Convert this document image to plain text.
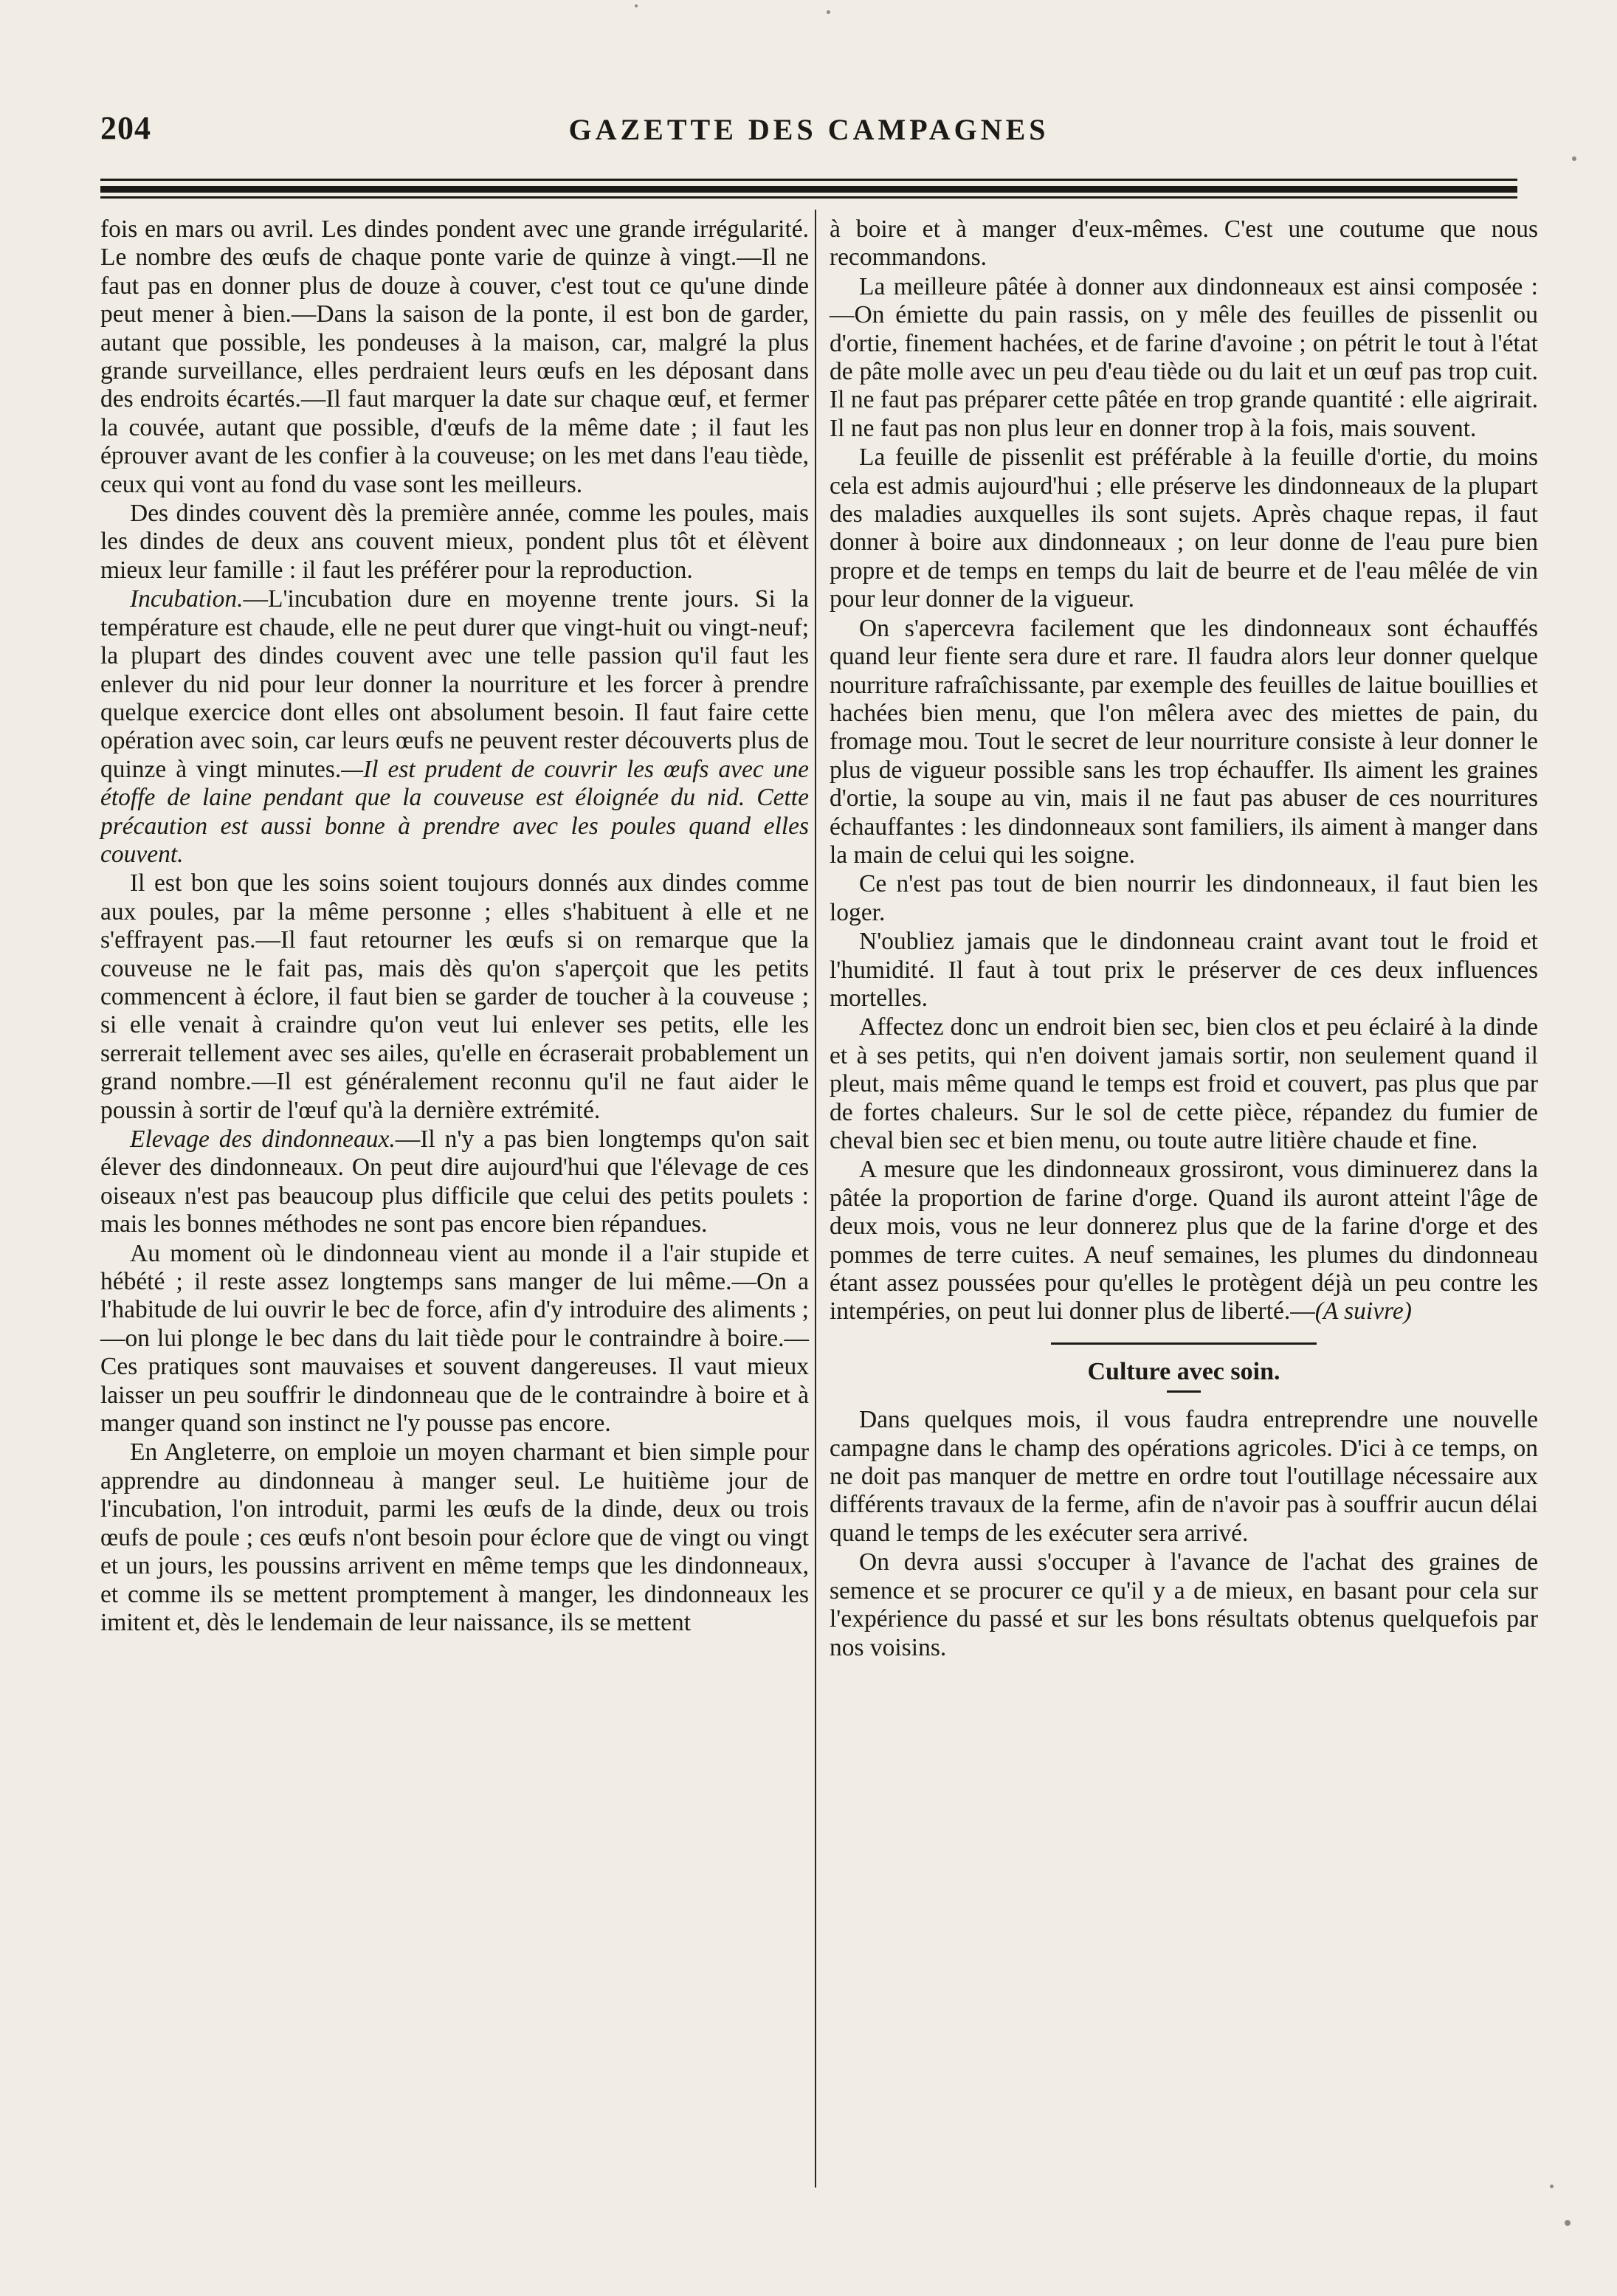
204	GAZETTE DES CAMPAGNES

fois en mars ou avril. Les dindes pondent avec une grande irrégularité. Le nombre des œufs de chaque ponte varie de quinze à vingt.—Il ne faut pas en donner plus de douze à couver, c'est tout ce qu'une dinde peut mener à bien.—Dans la saison de la ponte, il est bon de garder, autant que possible, les pondeuses à la maison, car, malgré la plus grande surveillance, elles perdraient leurs œufs en les déposant dans des endroits écartés.—Il faut marquer la date sur chaque œuf, et fermer la couvée, autant que possible, d'œufs de la même date ; il faut les éprouver avant de les confier à la couveuse; on les met dans l'eau tiède, ceux qui vont au fond du vase sont les meilleurs.

Des dindes couvent dès la première année, comme les poules, mais les dindes de deux ans couvent mieux, pondent plus tôt et élèvent mieux leur famille : il faut les préférer pour la reproduction.

Incubation.—L'incubation dure en moyenne trente jours. Si la température est chaude, elle ne peut durer que vingt-huit ou vingt-neuf; la plupart des dindes couvent avec une telle passion qu'il faut les enlever du nid pour leur donner la nourriture et les forcer à prendre quelque exercice dont elles ont absolument besoin. Il faut faire cette opération avec soin, car leurs œufs ne peuvent rester découverts plus de quinze à vingt minutes.—Il est prudent de couvrir les œufs avec une étoffe de laine pendant que la couveuse est éloignée du nid. Cette précaution est aussi bonne à prendre avec les poules quand elles couvent.

Il est bon que les soins soient toujours donnés aux dindes comme aux poules, par la même personne ; elles s'habituent à elle et ne s'effrayent pas.—Il faut retourner les œufs si on remarque que la couveuse ne le fait pas, mais dès qu'on s'aperçoit que les petits commencent à éclore, il faut bien se garder de toucher à la couveuse ; si elle venait à craindre qu'on veut lui enlever ses petits, elle les serrerait tellement avec ses ailes, qu'elle en écraserait probablement un grand nombre.—Il est généralement reconnu qu'il ne faut aider le poussin à sortir de l'œuf qu'à la dernière extrémité.

Elevage des dindonneaux.—Il n'y a pas bien longtemps qu'on sait élever des dindonneaux. On peut dire aujourd'hui que l'élevage de ces oiseaux n'est pas beaucoup plus difficile que celui des petits poulets : mais les bonnes méthodes ne sont pas encore bien répandues.

Au moment où le dindonneau vient au monde il a l'air stupide et hébété ; il reste assez longtemps sans manger de lui même.—On a l'habitude de lui ouvrir le bec de force, afin d'y introduire des aliments ;—on lui plonge le bec dans du lait tiède pour le contraindre à boire.—Ces pratiques sont mauvaises et souvent dangereuses. Il vaut mieux laisser un peu souffrir le dindonneau que de le contraindre à boire et à manger quand son instinct ne l'y pousse pas encore.

En Angleterre, on emploie un moyen charmant et bien simple pour apprendre au dindonneau à manger seul. Le huitième jour de l'incubation, l'on introduit, parmi les œufs de la dinde, deux ou trois œufs de poule ; ces œufs n'ont besoin pour éclore que de vingt ou vingt et un jours, les poussins arrivent en même temps que les dindonneaux, et comme ils se mettent promptement à manger, les dindonneaux les imitent et, dès le lendemain de leur naissance, ils se mettent

à boire et à manger d'eux-mêmes. C'est une coutume que nous recommandons.

La meilleure pâtée à donner aux dindonneaux est ainsi composée :—On émiette du pain rassis, on y mêle des feuilles de pissenlit ou d'ortie, finement hachées, et de farine d'avoine ; on pétrit le tout à l'état de pâte molle avec un peu d'eau tiède ou du lait et un œuf pas trop cuit. Il ne faut pas préparer cette pâtée en trop grande quantité : elle aigrirait. Il ne faut pas non plus leur en donner trop à la fois, mais souvent.

La feuille de pissenlit est préférable à la feuille d'ortie, du moins cela est admis aujourd'hui ; elle préserve les dindonneaux de la plupart des maladies auxquelles ils sont sujets. Après chaque repas, il faut donner à boire aux dindonneaux ; on leur donne de l'eau pure bien propre et de temps en temps du lait de beurre et de l'eau mêlée de vin pour leur donner de la vigueur.

On s'apercevra facilement que les dindonneaux sont échauffés quand leur fiente sera dure et rare. Il faudra alors leur donner quelque nourriture rafraîchissante, par exemple des feuilles de laitue bouillies et hachées bien menu, que l'on mêlera avec des miettes de pain, du fromage mou. Tout le secret de leur nourriture consiste à leur donner le plus de vigueur possible sans les trop échauffer. Ils aiment les graines d'ortie, la soupe au vin, mais il ne faut pas abuser de ces nourritures échauffantes : les dindonneaux sont familiers, ils aiment à manger dans la main de celui qui les soigne.

Ce n'est pas tout de bien nourrir les dindonneaux, il faut bien les loger.

N'oubliez jamais que le dindonneau craint avant tout le froid et l'humidité. Il faut à tout prix le préserver de ces deux influences mortelles.

Affectez donc un endroit bien sec, bien clos et peu éclairé à la dinde et à ses petits, qui n'en doivent jamais sortir, non seulement quand il pleut, mais même quand le temps est froid et couvert, pas plus que par de fortes chaleurs. Sur le sol de cette pièce, répandez du fumier de cheval bien sec et bien menu, ou toute autre litière chaude et fine.

A mesure que les dindonneaux grossiront, vous diminuerez dans la pâtée la proportion de farine d'orge. Quand ils auront atteint l'âge de deux mois, vous ne leur donnerez plus que de la farine d'orge et des pommes de terre cuites. A neuf semaines, les plumes du dindonneau étant assez poussées pour qu'elles le protègent déjà un peu contre les intempéries, on peut lui donner plus de liberté.—(A suivre)

Culture avec soin.

Dans quelques mois, il vous faudra entreprendre une nouvelle campagne dans le champ des opérations agricoles. D'ici à ce temps, on ne doit pas manquer de mettre en ordre tout l'outillage nécessaire aux différents travaux de la ferme, afin de n'avoir pas à souffrir aucun délai quand le temps de les exécuter sera arrivé.

On devra aussi s'occuper à l'avance de l'achat des graines de semence et se procurer ce qu'il y a de mieux, en basant pour cela sur l'expérience du passé et sur les bons résultats obtenus quelquefois par nos voisins.
